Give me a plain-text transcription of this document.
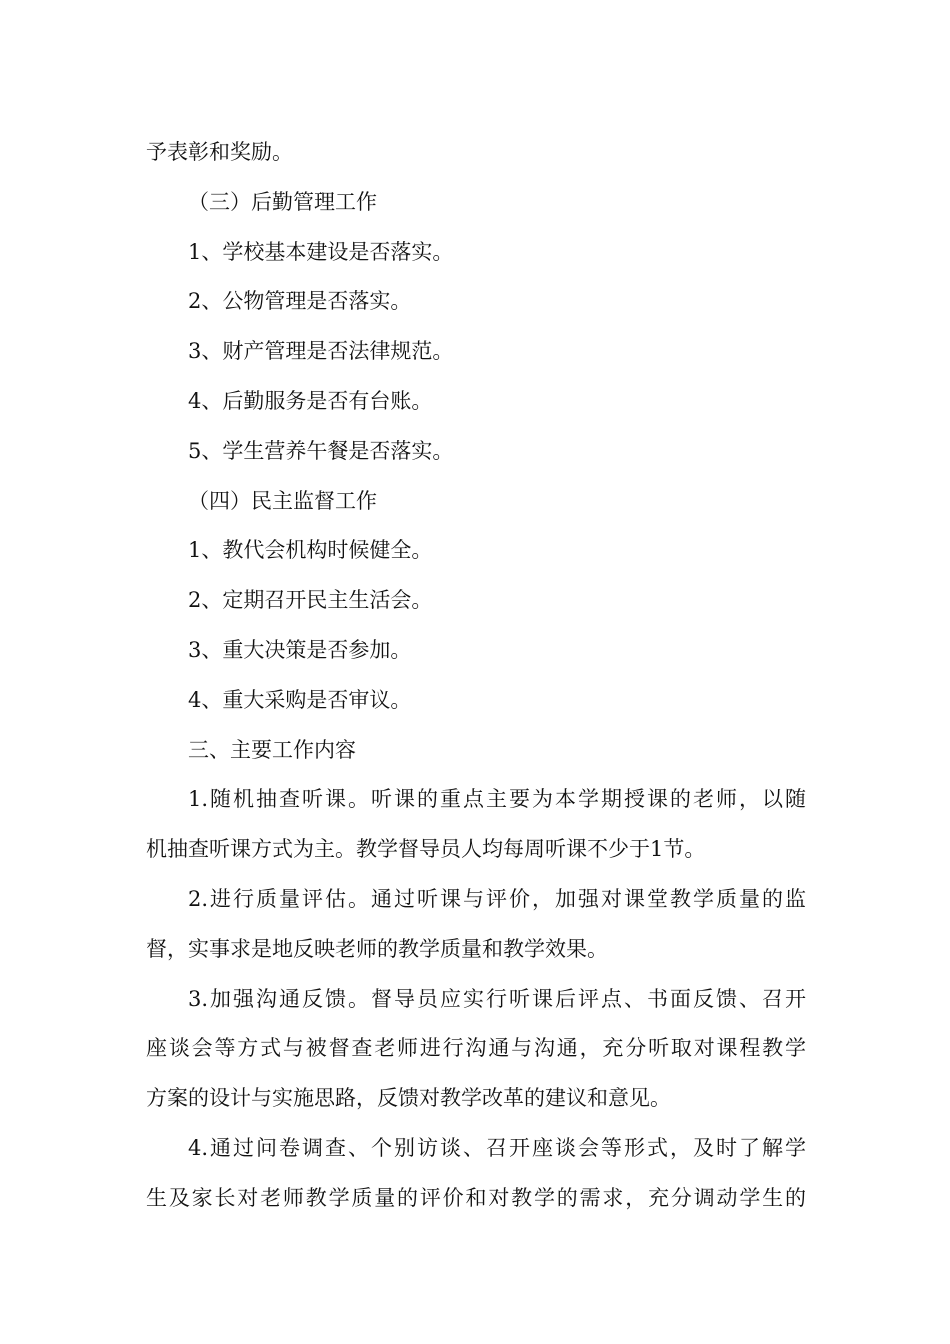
予表彰和奖励。
（三）后勤管理工作
1、学校基本建设是否落实。
2、公物管理是否落实。
3、财产管理是否法律规范。
4、后勤服务是否有台账。
5、学生营养午餐是否落实。
（四）民主监督工作
1、教代会机构时候健全。
2、定期召开民主生活会。
3、重大决策是否参加。
4、重大采购是否审议。
三、主要工作内容
1.随机抽查听课。听课的重点主要为本学期授课的老师，以随
机抽查听课方式为主。教学督导员人均每周听课不少于1节。
2.进行质量评估。通过听课与评价，加强对课堂教学质量的监
督，实事求是地反映老师的教学质量和教学效果。
3.加强沟通反馈。督导员应实行听课后评点、书面反馈、召开
座谈会等方式与被督查老师进行沟通与沟通，充分听取对课程教学
方案的设计与实施思路，反馈对教学改革的建议和意见。
4.通过问卷调查、个别访谈、召开座谈会等形式，及时了解学
生及家长对老师教学质量的评价和对教学的需求，充分调动学生的
